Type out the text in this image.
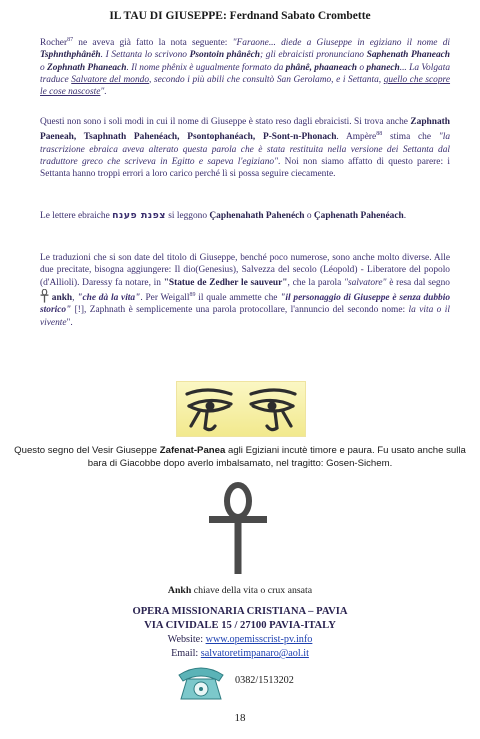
IL TAU DI GIUSEPPE: Ferdnand Sabato Crombette
Rocher$^{87}$ ne aveva già fatto la nota seguente: "Faraone... diede a Giuseppe in egiziano il nome di Tsphnthphânêh. I Settanta lo scrivono Psontoin phânêch; gli ebraicisti pronunciano Saphenath Phaneach o Zophnath Phaneach. Il nome phênix è ugualmente formato da phânê, phaaneach o phanech... La Volgata traduce Salvatore del mondo, secondo i più abili che consultò San Gerolamo, e i Settanta, quello che scopre le cose nascoste".
Questi non sono i soli modi in cui il nome di Giuseppe è stato reso dagli ebraicisti. Si trova anche Zaphnath Paeneah, Tsaphnath Pahenéach, Psontophanéach, P-Sont-n-Phonach. Ampère$^{88}$ stima che "la trascrizione ebraica aveva alterato questa parola che è stata restituita nella versione dei Settanta dal traduttore greco che scriveva in Egitto e sapeva l'egiziano". Noi non siamo affatto di questo parere: i Settanta hanno troppi errori a loro carico perché lì si possa seguire ciecamente.
Le lettere ebraiche צפנת פענח si leggono Çaphenahath Pahenéch o Çaphenath Pahenéach.
Le traduzioni che si son date del titolo di Giuseppe, benché poco numerose, sono anche molto diverse. Alle due precitate, bisogna aggiungere: Il dio(Genesius), Salvezza del secolo (Léopold) - Liberatore del popolo (d'Allioli). Daressy fa notare, in "Statue de Zedher le sauveur", che la parola "salvatore" è resa dal segno  ankh, "che dà la vita". Per Weigall$^{89}$ il quale ammette che "il personaggio di Giuseppe è senza dubbio storico" [!], Zaphnath è semplicemente una parola protocollare, l'annuncio del secondo nome: la vita o il vivente".
Questo segno del Vesir Giuseppe Zafenat-Panea agli Egiziani incutè timore e paura. Fu usato anche sulla bara di Giacobbe dopo averlo imbalsamato, nel tragitto: Gosen-Sichem.
Ankh chiave della vita o crux ansata
OPERA MISSIONARIA CRISTIANA – PAVIA
VIA CIVIDALE 15 / 27100 PAVIA-ITALY
Website: www.opemisscrist-pv.info
Email: salvatoretimpanaro@aol.it
0382/1513202
18
